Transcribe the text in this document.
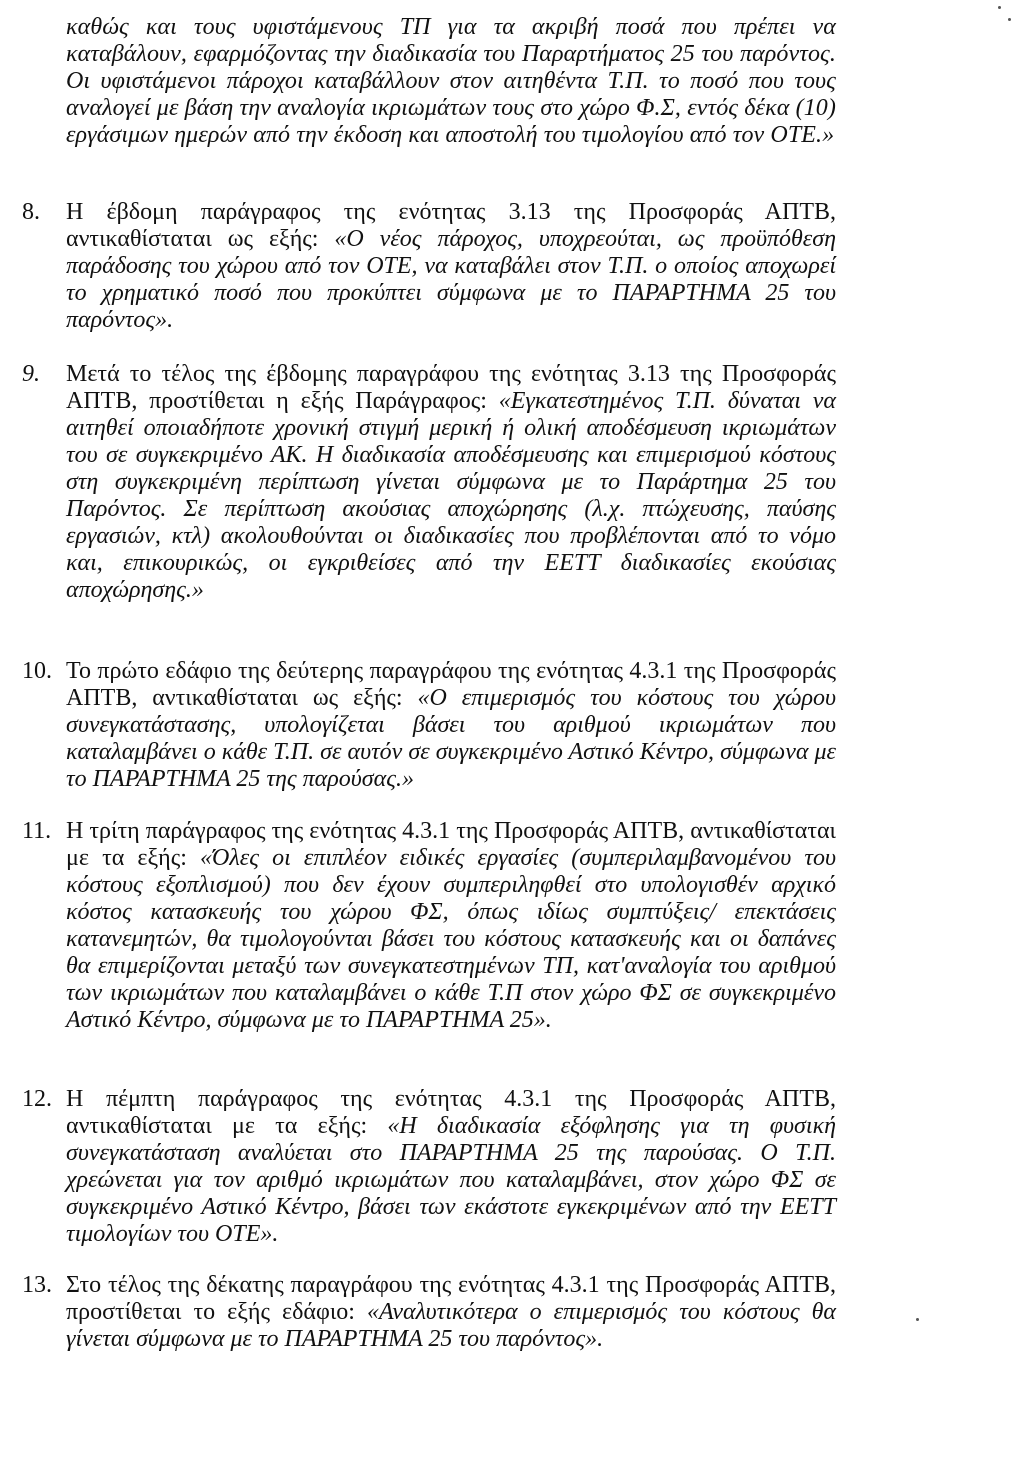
καθώς και τους υφιστάμενους ΤΠ για τα ακριβή ποσά που πρέπει να καταβάλουν, εφαρμόζοντας την διαδικασία του Παραρτήματος 25 του παρόντος. Οι υφιστάμενοι πάροχοι καταβάλλουν στον αιτηθέντα Τ.Π. το ποσό που τους αναλογεί με βάση την αναλογία ικριωμάτων τους στο χώρο Φ.Σ, εντός δέκα (10) εργάσιμων ημερών από την έκδοση και αποστολή του τιμολογίου από τον ΟΤΕ.»
8.	Η έβδομη παράγραφος της ενότητας 3.13 της Προσφοράς ΑΠΤΒ, αντικαθίσταται ως εξής: «Ο νέος πάροχος, υποχρεούται, ως προϋπόθεση παράδοσης του χώρου από τον ΟΤΕ, να καταβάλει στον Τ.Π. ο οποίος αποχωρεί το χρηματικό ποσό που προκύπτει σύμφωνα με το ΠΑΡΑΡΤΗΜΑ 25 του παρόντος».
9.	Μετά το τέλος της έβδομης παραγράφου της ενότητας 3.13 της Προσφοράς ΑΠΤΒ, προστίθεται η εξής Παράγραφος: «Εγκατεστημένος Τ.Π. δύναται να αιτηθεί οποιαδήποτε χρονική στιγμή μερική ή ολική αποδέσμευση ικριωμάτων του σε συγκεκριμένο ΑΚ. Η διαδικασία αποδέσμευσης και επιμερισμού κόστους στη συγκεκριμένη περίπτωση γίνεται σύμφωνα με το Παράρτημα 25 του Παρόντος. Σε περίπτωση ακούσιας αποχώρησης (λ.χ. πτώχευσης, παύσης εργασιών, κτλ) ακολουθούνται οι διαδικασίες που προβλέπονται από το νόμο και, επικουρικώς, οι εγκριθείσες από την ΕΕΤΤ διαδικασίες εκούσιας αποχώρησης.»
10. Το πρώτο εδάφιο της δεύτερης παραγράφου της ενότητας 4.3.1 της Προσφοράς ΑΠΤΒ, αντικαθίσταται ως εξής: «Ο επιμερισμός του κόστους του χώρου συνεγκατάστασης, υπολογίζεται βάσει του αριθμού ικριωμάτων που καταλαμβάνει ο κάθε Τ.Π. σε αυτόν σε συγκεκριμένο Αστικό Κέντρο, σύμφωνα με το ΠΑΡΑΡΤΗΜΑ 25 της παρούσας.»
11. Η τρίτη παράγραφος της ενότητας 4.3.1 της Προσφοράς ΑΠΤΒ, αντικαθίσταται με τα εξής: «Όλες οι επιπλέον ειδικές εργασίες (συμπεριλαμβανομένου του κόστους εξοπλισμού) που δεν έχουν συμπεριληφθεί στο υπολογισθέν αρχικό κόστος κατασκευής του χώρου ΦΣ, όπως ιδίως συμπτύξεις/ επεκτάσεις κατανεμητών, θα τιμολογούνται βάσει του κόστους κατασκευής και οι δαπάνες θα επιμερίζονται μεταξύ των συνεγκατεστημένων ΤΠ, κατ'αναλογία του αριθμού των ικριωμάτων που καταλαμβάνει ο κάθε Τ.Π στον χώρο ΦΣ σε συγκεκριμένο Αστικό Κέντρο, σύμφωνα με το ΠΑΡΑΡΤΗΜΑ 25».
12. Η πέμπτη παράγραφος της ενότητας 4.3.1 της Προσφοράς ΑΠΤΒ, αντικαθίσταται με τα εξής: «Η διαδικασία εξόφλησης για τη φυσική συνεγκατάσταση αναλύεται στο ΠΑΡΑΡΤΗΜΑ 25 της παρούσας. Ο Τ.Π. χρεώνεται για τον αριθμό ικριωμάτων που καταλαμβάνει, στον χώρο ΦΣ σε συγκεκριμένο Αστικό Κέντρο, βάσει των εκάστοτε εγκεκριμένων από την ΕΕΤΤ τιμολογίων του ΟΤΕ».
13. Στο τέλος της δέκατης παραγράφου της ενότητας 4.3.1 της Προσφοράς ΑΠΤΒ, προστίθεται το εξής εδάφιο: «Αναλυτικότερα ο επιμερισμός του κόστους θα γίνεται σύμφωνα με το ΠΑΡΑΡΤΗΜΑ 25 του παρόντος».
